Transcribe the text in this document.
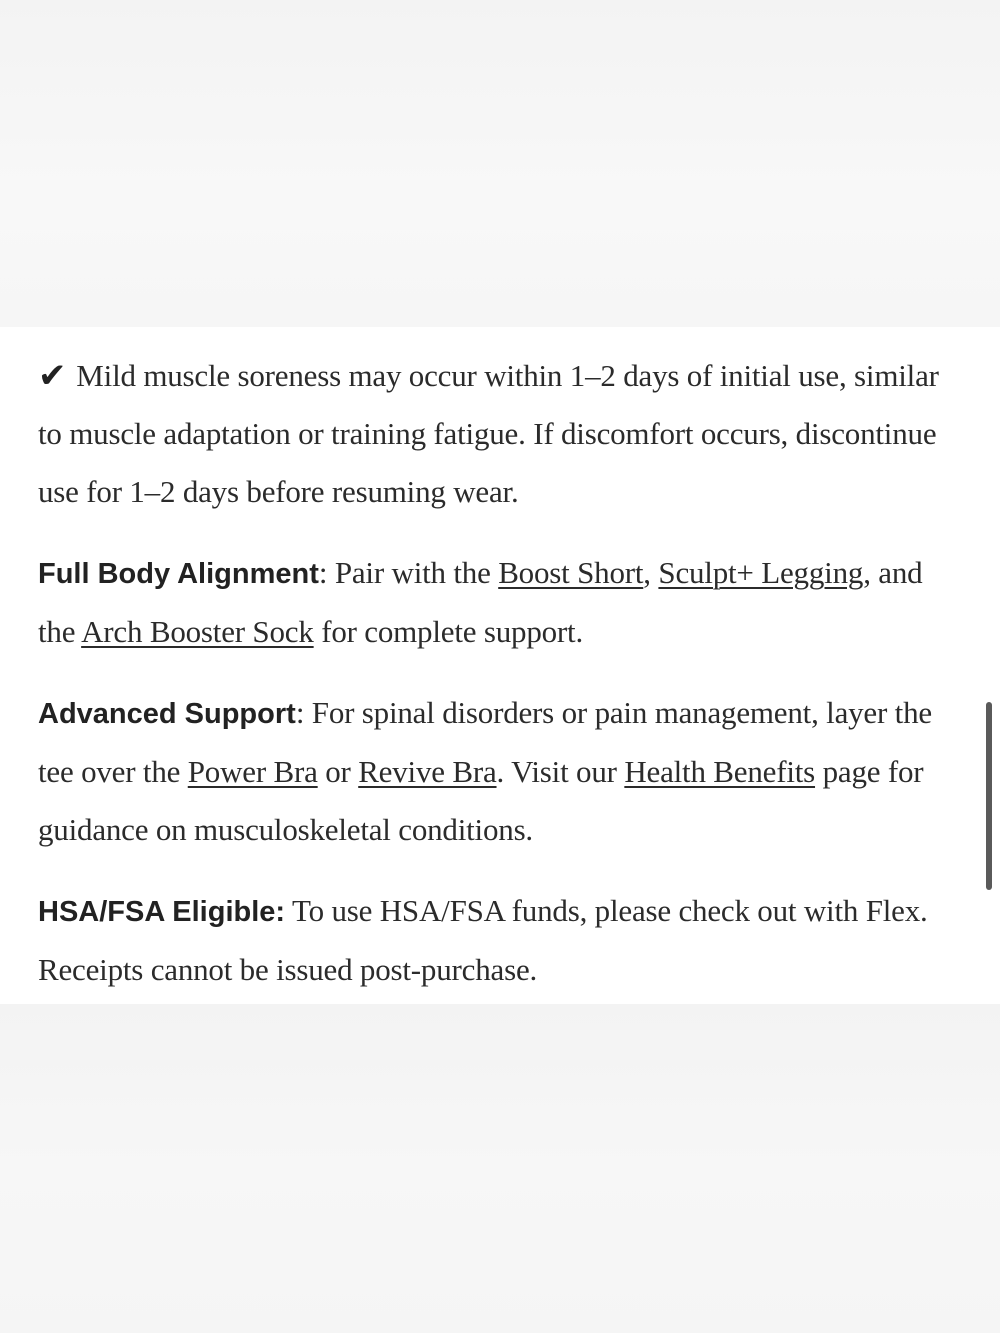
✔ Mild muscle soreness may occur within 1–2 days of initial use, similar to muscle adaptation or training fatigue. If discomfort occurs, discontinue use for 1–2 days before resuming wear.

Full Body Alignment: Pair with the Boost Short, Sculpt+ Legging, and the Arch Booster Sock for complete support.

Advanced Support: For spinal disorders or pain management, layer the tee over the Power Bra or Revive Bra. Visit our Health Benefits page for guidance on musculoskeletal conditions.

HSA/FSA Eligible: To use HSA/FSA funds, please check out with Flex. Receipts cannot be issued post-purchase.
